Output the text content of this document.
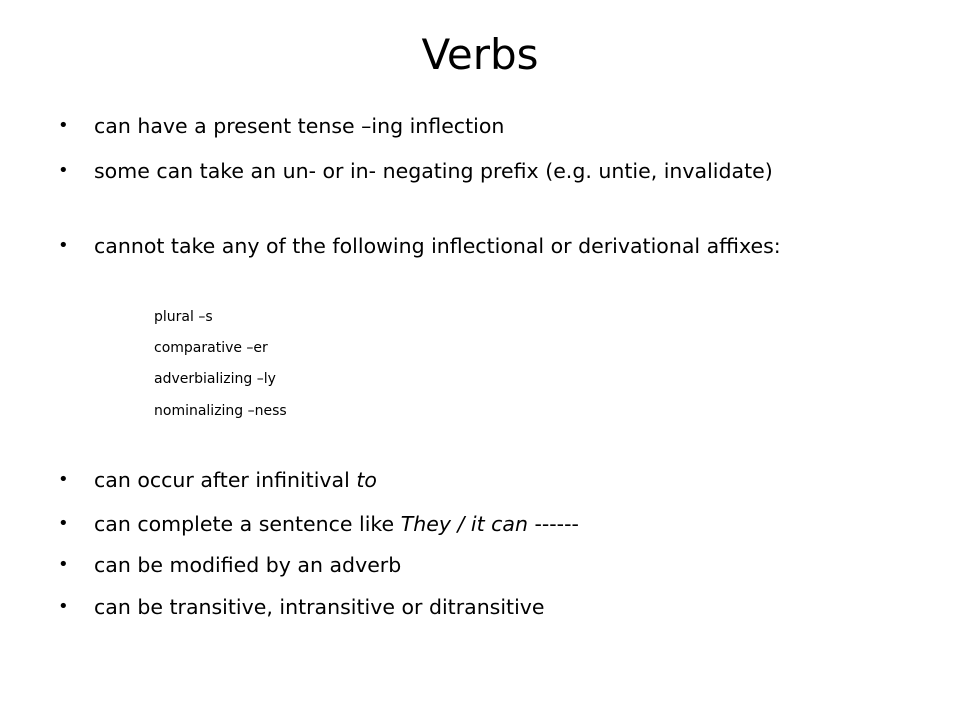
Verbs
•	can have a present tense –ing inflection
•	some can take an un- or in- negating prefix (e.g. untie, invalidate)
•	cannot take any of the following inflectional or derivational affixes:
plural –s
comparative –er
adverbializing –ly
nominalizing –ness
•	can occur after infinitival to
•	can complete a sentence like They / it can ------
•	can be modified by an adverb
•	can be transitive, intransitive or ditransitive
